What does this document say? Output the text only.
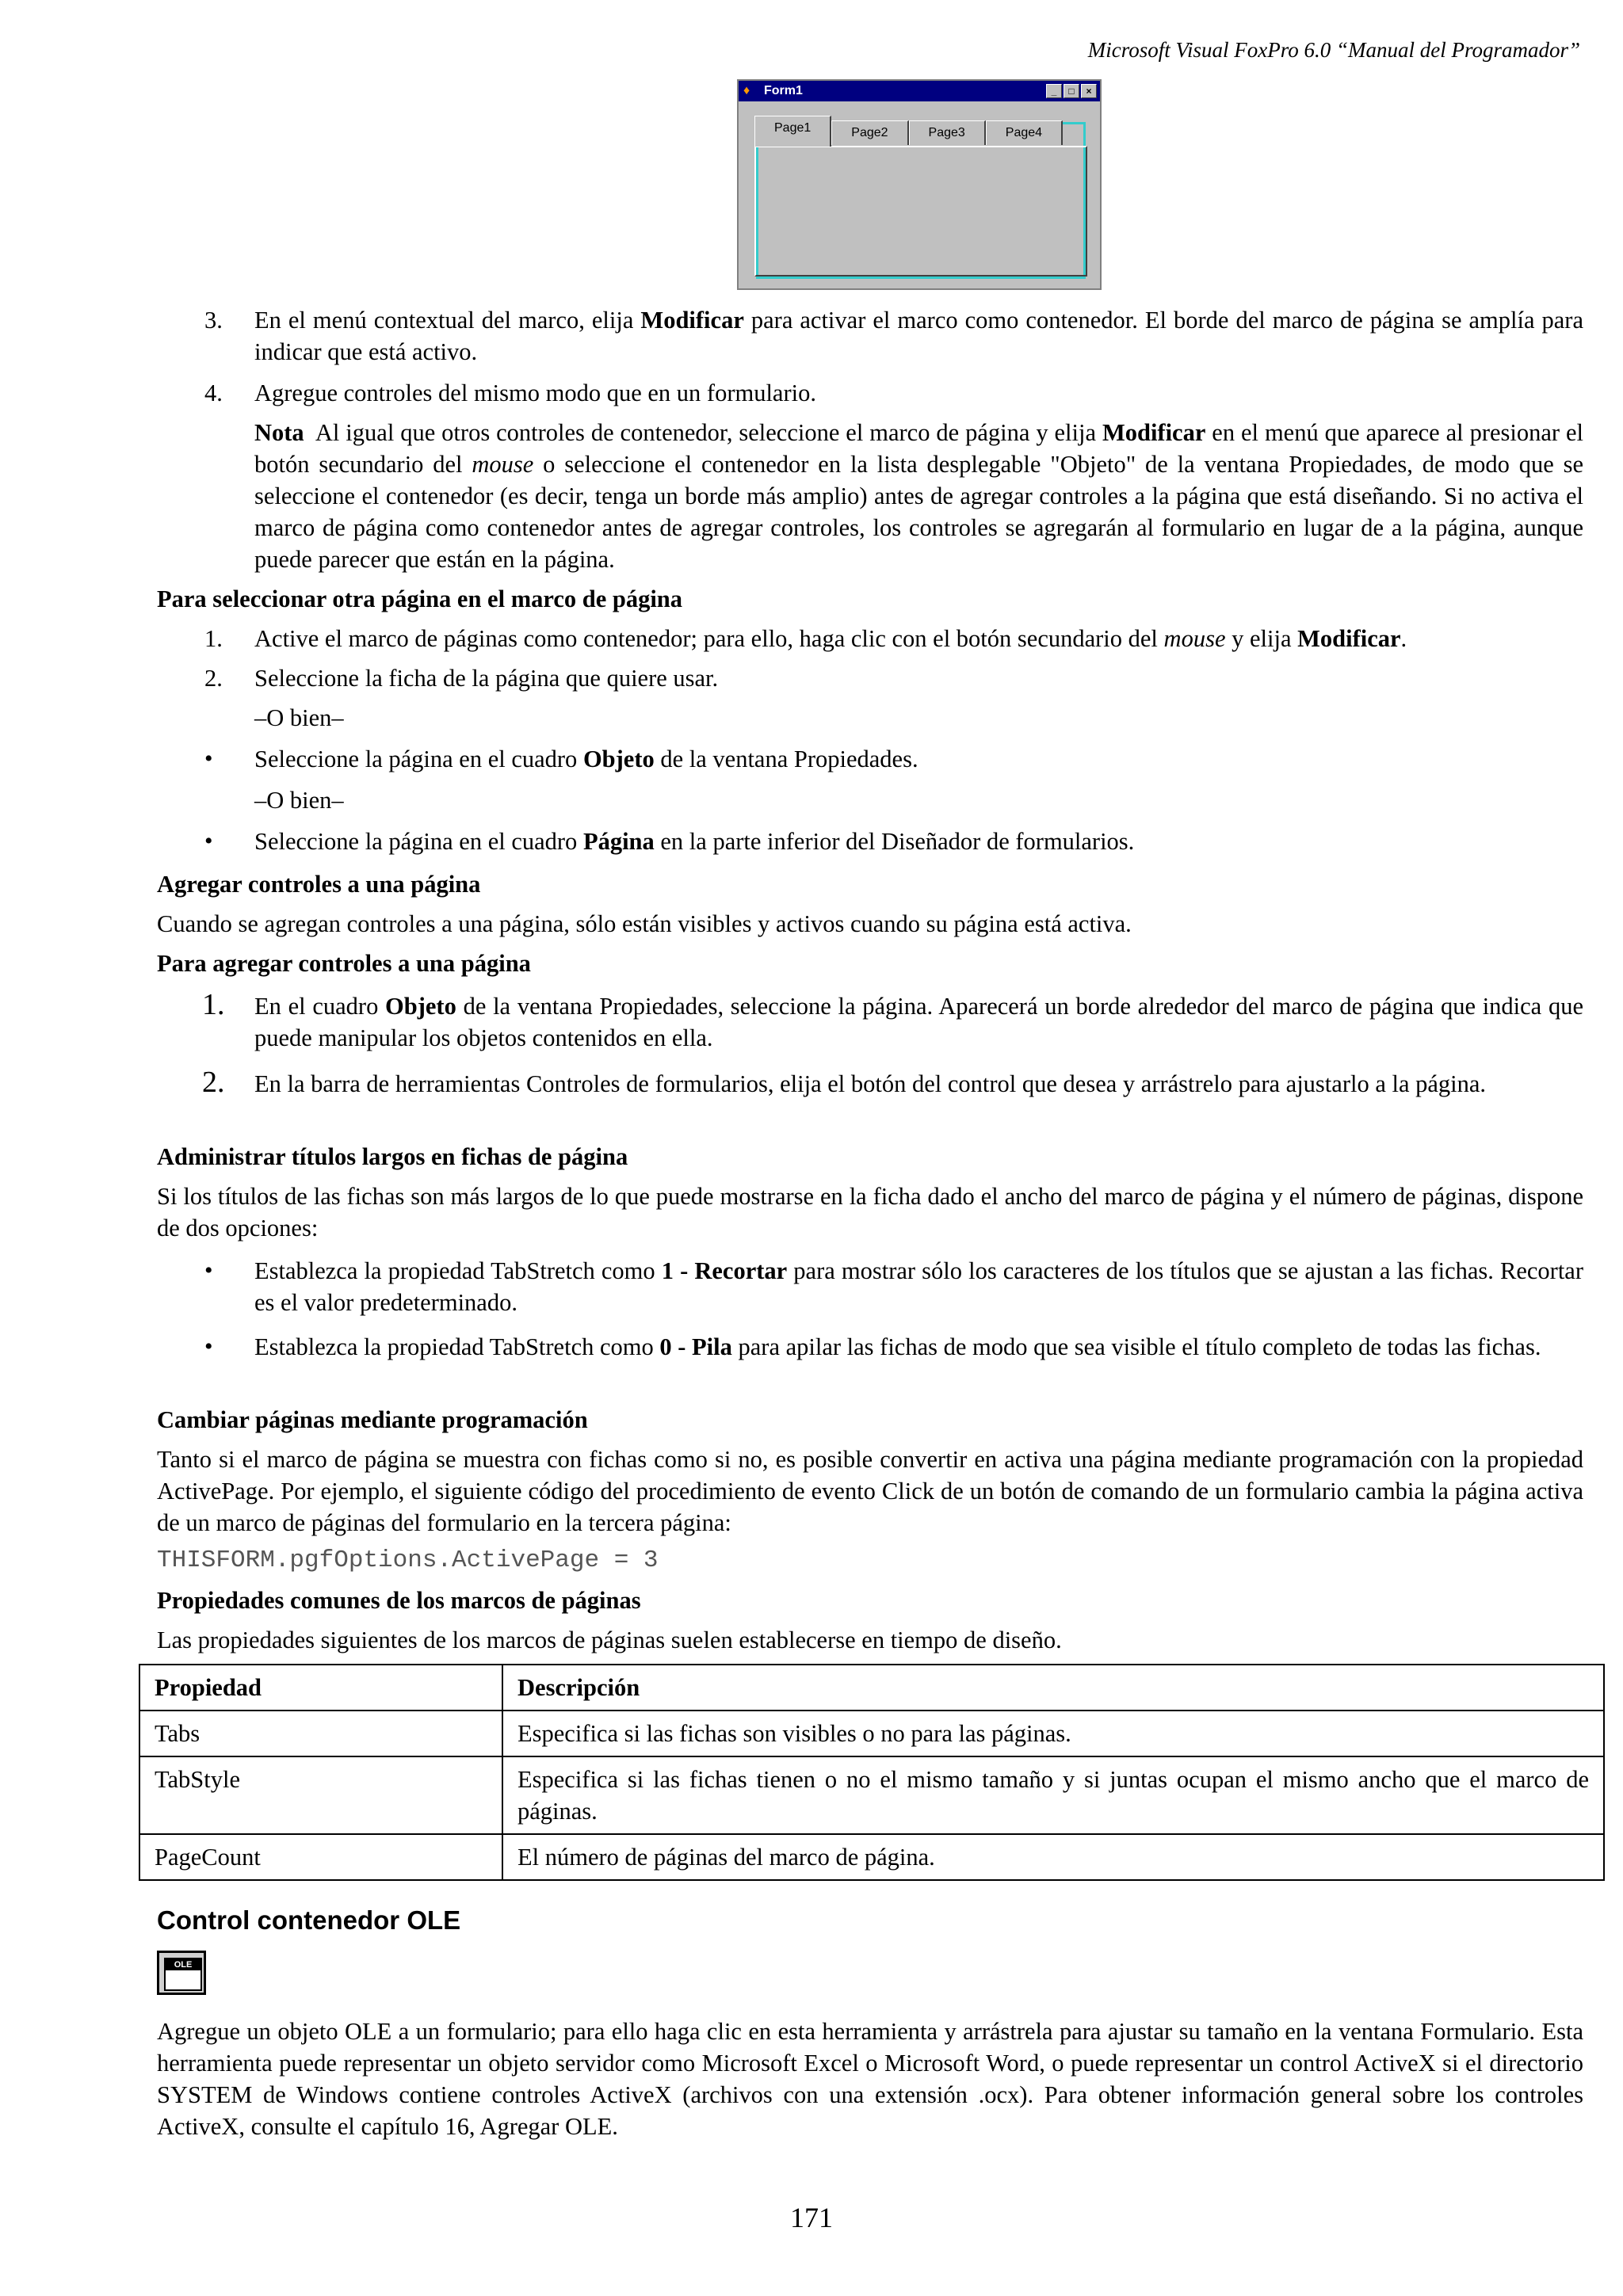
Microsoft Visual FoxPro 6.0 “Manual del Programador”
♦	Form1	_	□	×
Page1	Page2	Page3	Page4
3. En el menú contextual del marco, elija Modificar para activar el marco como contenedor. El borde del marco de página se amplía para indicar que está activo.
4. Agregue controles del mismo modo que en un formulario.
Nota Al igual que otros controles de contenedor, seleccione el marco de página y elija Modificar en el menú que aparece al presionar el botón secundario del mouse o seleccione el contenedor en la lista desplegable "Objeto" de la ventana Propiedades, de modo que se seleccione el contenedor (es decir, tenga un borde más amplio) antes de agregar controles a la página que está diseñando. Si no activa el marco de página como contenedor antes de agregar controles, los controles se agregarán al formulario en lugar de a la página, aunque puede parecer que están en la página.
Para seleccionar otra página en el marco de página
1. Active el marco de páginas como contenedor; para ello, haga clic con el botón secundario del mouse y elija Modificar.
2. Seleccione la ficha de la página que quiere usar.
–O bien–
• Seleccione la página en el cuadro Objeto de la ventana Propiedades.
–O bien–
• Seleccione la página en el cuadro Página en la parte inferior del Diseñador de formularios.
Agregar controles a una página
Cuando se agregan controles a una página, sólo están visibles y activos cuando su página está activa.
Para agregar controles a una página
1. En el cuadro Objeto de la ventana Propiedades, seleccione la página. Aparecerá un borde alrededor del marco de página que indica que puede manipular los objetos contenidos en ella.
2. En la barra de herramientas Controles de formularios, elija el botón del control que desea y arrástrelo para ajustarlo a la página.
Administrar títulos largos en fichas de página
Si los títulos de las fichas son más largos de lo que puede mostrarse en la ficha dado el ancho del marco de página y el número de páginas, dispone de dos opciones:
• Establezca la propiedad TabStretch como 1 - Recortar para mostrar sólo los caracteres de los títulos que se ajustan a las fichas. Recortar es el valor predeterminado.
• Establezca la propiedad TabStretch como 0 - Pila para apilar las fichas de modo que sea visible el título completo de todas las fichas.
Cambiar páginas mediante programación
Tanto si el marco de página se muestra con fichas como si no, es posible convertir en activa una página mediante programación con la propiedad ActivePage. Por ejemplo, el siguiente código del procedimiento de evento Click de un botón de comando de un formulario cambia la página activa de un marco de páginas del formulario en la tercera página:
THISFORM.pgfOptions.ActivePage = 3
Propiedades comunes de los marcos de páginas
Las propiedades siguientes de los marcos de páginas suelen establecerse en tiempo de diseño.
Propiedad	Descripción
Tabs	Especifica si las fichas son visibles o no para las páginas.
TabStyle	Especifica si las fichas tienen o no el mismo tamaño y si juntas ocupan el mismo ancho que el marco de páginas.
PageCount	El número de páginas del marco de página.
Control contenedor OLE
OLE
Agregue un objeto OLE a un formulario; para ello haga clic en esta herramienta y arrástrela para ajustar su tamaño en la ventana Formulario. Esta herramienta puede representar un objeto servidor como Microsoft Excel o Microsoft Word, o puede representar un control ActiveX si el directorio SYSTEM de Windows contiene controles ActiveX (archivos con una extensión .ocx). Para obtener información general sobre los controles ActiveX, consulte el capítulo 16, Agregar OLE.
171
